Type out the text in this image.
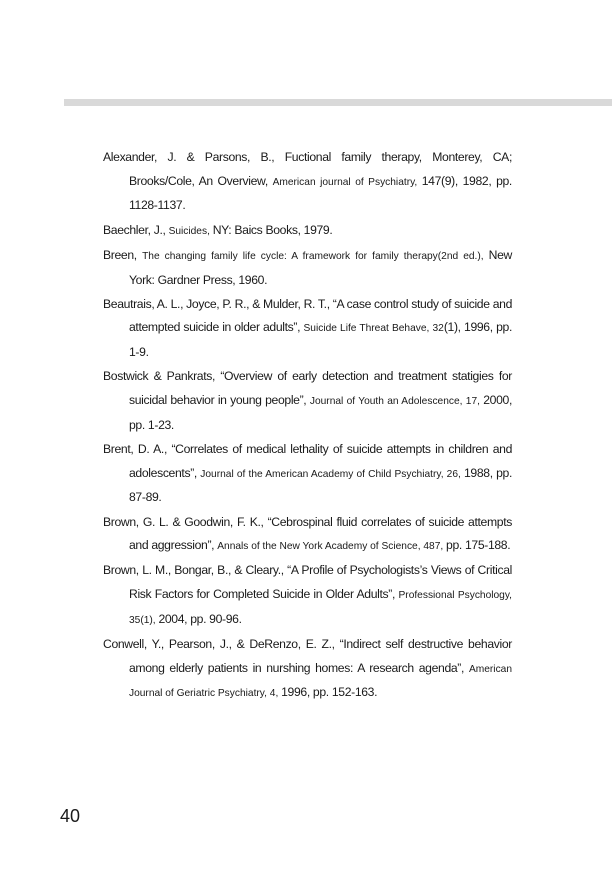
Alexander, J. & Parsons, B., Fuctional family therapy, Monterey, CA; Brooks/Cole, An Overview, American journal of Psychiatry, 147(9), 1982, pp. 1128-1137.
Baechler, J., Suicides, NY: Baics Books, 1979.
Breen, The changing family life cycle: A framework for family therapy(2nd ed.), New York: Gardner Press, 1960.
Beautrais, A. L., Joyce, P. R., & Mulder, R. T., “A case control study of suicide and attempted suicide in older adults”, Suicide Life Threat Behave, 32(1), 1996, pp. 1-9.
Bostwick & Pankrats, “Overview of early detection and treatment statigies for suicidal behavior in young people”, Journal of Youth an Adolescence, 17, 2000, pp. 1-23.
Brent, D. A., “Correlates of medical lethality of suicide attempts in children and adolescents”, Journal of the American Academy of Child Psychiatry, 26, 1988, pp. 87-89.
Brown, G. L. & Goodwin, F. K., “Cebrospinal fluid correlates of suicide attempts and aggression”, Annals of the New York Academy of Science, 487, pp. 175-188.
Brown, L. M., Bongar, B., & Cleary., “A Profile of Psychologists’s Views of Critical Risk Factors for Completed Suicide in Older Adults”, Professional Psychology, 35(1), 2004, pp. 90-96.
Conwell, Y., Pearson, J., & DeRenzo, E. Z., “Indirect self destructive behavior among elderly patients in nurshing homes: A research agenda”, American Journal of Geriatric Psychiatry, 4, 1996, pp. 152-163.
40
